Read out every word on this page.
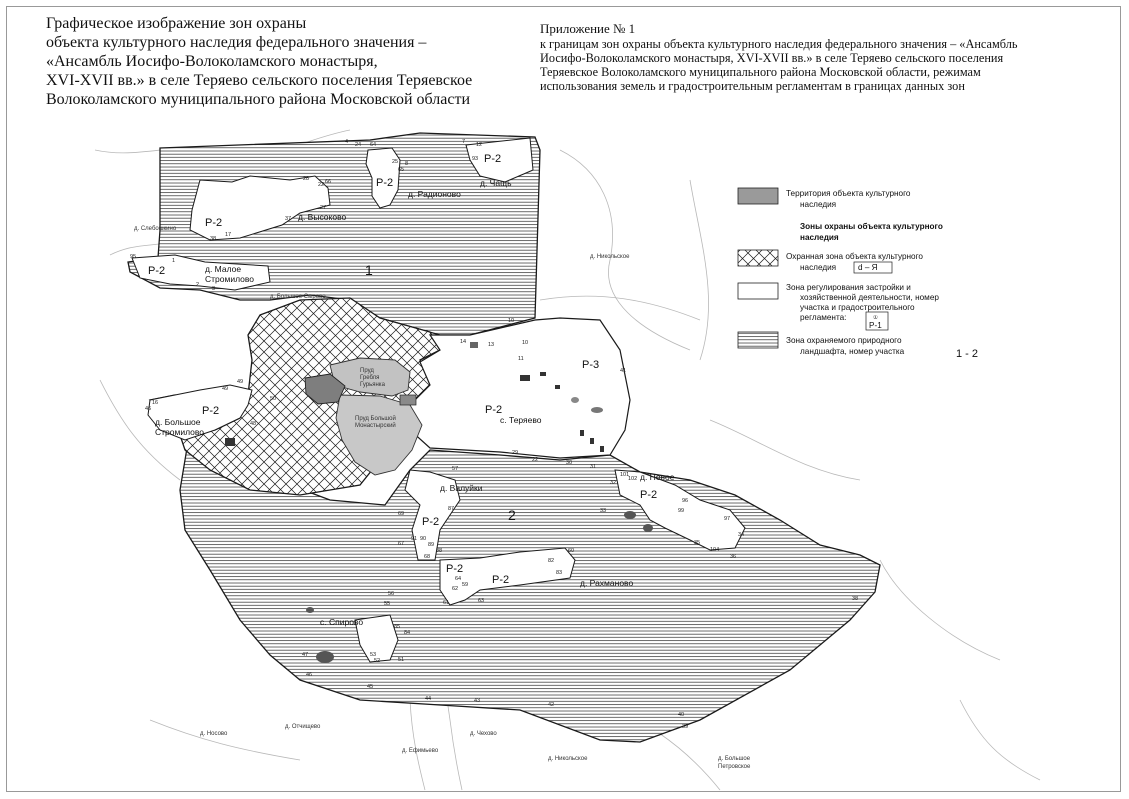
Графическое изображение зон охраны
объекта культурного наследия федерального значения –
«Ансамбль Иосифо-Волоколамского монастыря,
XVI-XVII вв.» в селе Теряево сельского поселения Теряевское
Волоколамского муниципального района Московской области
Приложение № 1
к границам зон охраны объекта культурного наследия федерального значения – «Ансамбль
Иосифо-Волоколамского монастыря, XVI-XVII вв.» в селе Теряево сельского поселения
Теряевское Волоколамского муниципального района Московской области, режимам
использования земель и градостроительным регламентам в границах данных зон
1
2
Р-2
Р-2
Р-2
Р-2
Р-2	Р-2
Р-2
Р-2
Р-2
Р-2
Р-3
д. Радионово
д. Чащь
д. Высоково
д. Малое
Стромилово
д. Большое
Стромилово
с. Теряево
д. Новое
д. Валуйки
д. Рахманово
с. Спирово
д. Ефимьево
д. Чехово
д. Никольское	д. Большое
Петровское
д. Отчищево
д. Носово
д. Слебошкино
д. Большое Сырово
д. Никольское
Пруд
Гребля
Гурьянка
Пруд Большой
Монастырский
4 24 64
25
65
8
12
7
93
28	66
22
27
37
17
38
95
1
2
3
10
10
11
14	13
41
49
49
16
46
50
48
29
22	30
31
32
101
102
33	99
96
97
104
36
35
34
57
87
69
91 90
89
88
67
68
59
60
82
83
62
61	63
64
56
55
85
84
53
52	51
47
46
45
44	43
42
40
39
38
Территория объекта культурного
наследия
Зоны охраны объекта культурного
наследия
Охранная зона объекта культурного
наследия	d – Я
Зона регулирования застройки и
хозяйственной деятельности, номер
участка и градостроительного
регламента:	①
Р-1
Зона охраняемого природного
ландшафта, номер участка	1 - 2
